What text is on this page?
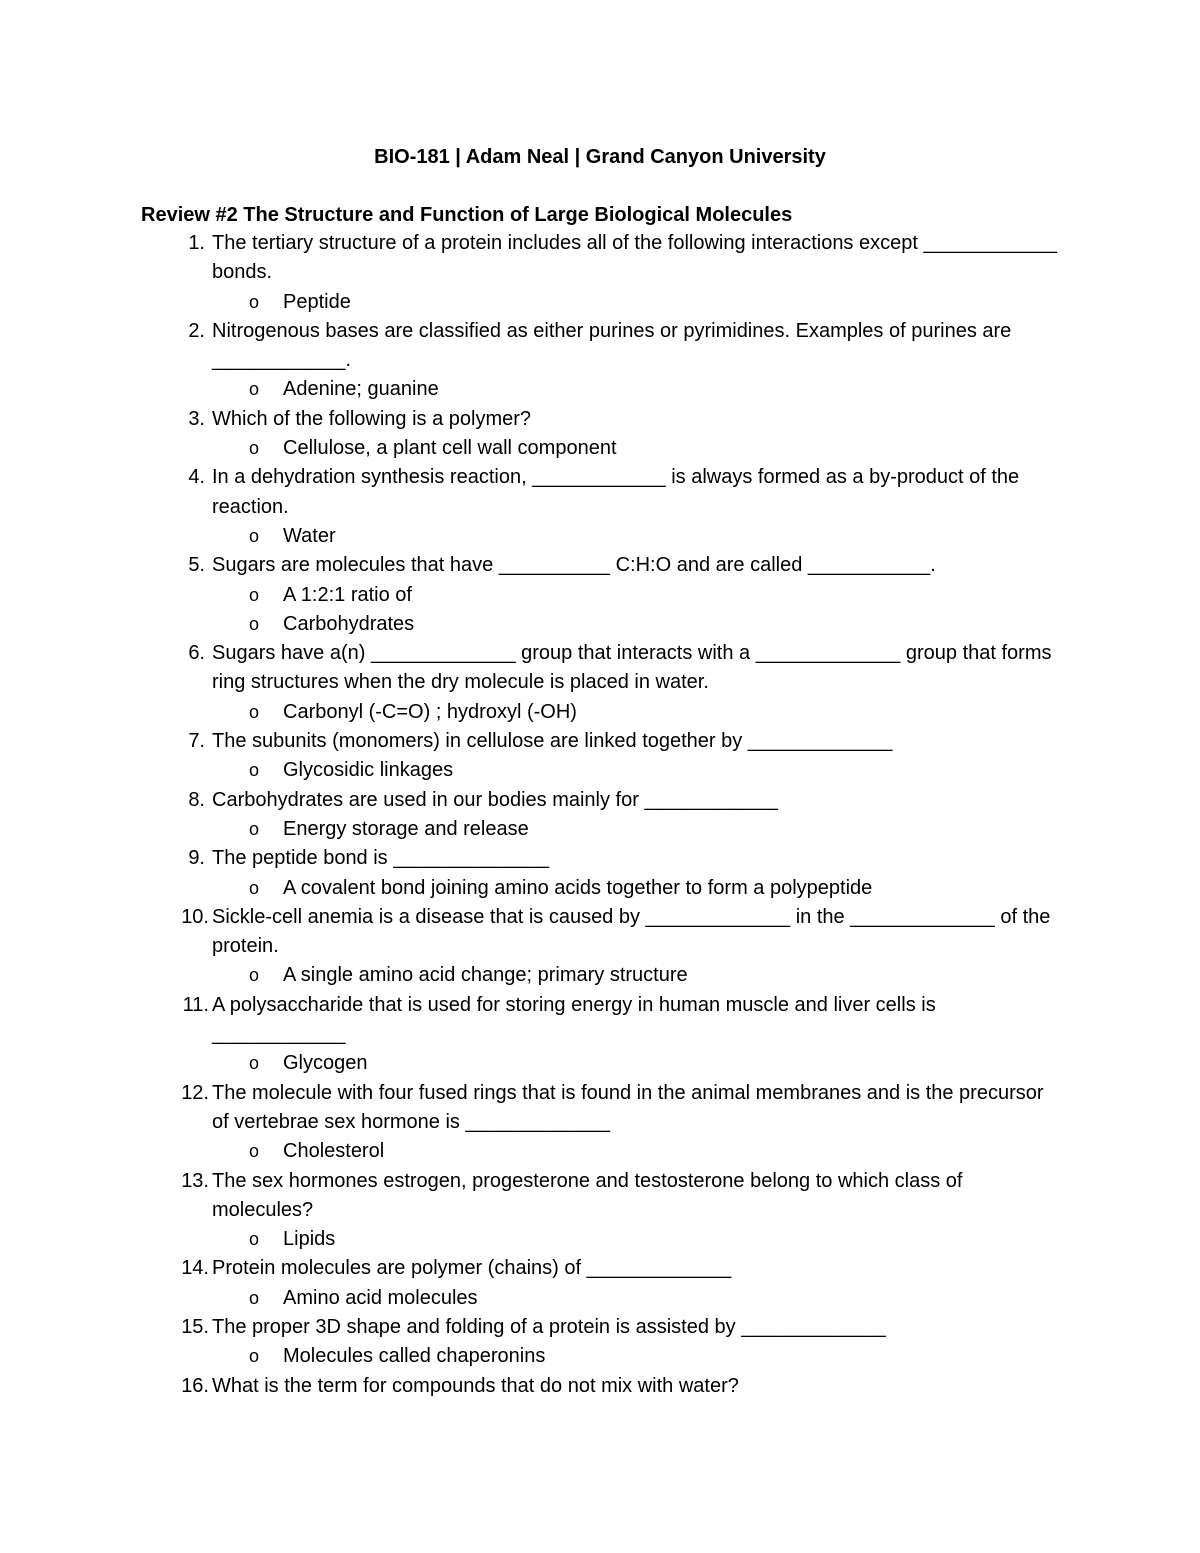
BIO-181 | Adam Neal | Grand Canyon University
Review #2 The Structure and Function of Large Biological Molecules
1. The tertiary structure of a protein includes all of the following interactions except ____________ bonds.
o Peptide
2. Nitrogenous bases are classified as either purines or pyrimidines. Examples of purines are ____________.
o Adenine; guanine
3. Which of the following is a polymer?
o Cellulose, a plant cell wall component
4. In a dehydration synthesis reaction, ____________ is always formed as a by-product of the reaction.
o Water
5. Sugars are molecules that have __________ C:H:O and are called ___________.
o A 1:2:1 ratio of
o Carbohydrates
6. Sugars have a(n) _____________ group that interacts with a _____________ group that forms ring structures when the dry molecule is placed in water.
o Carbonyl (-C=O) ; hydroxyl (-OH)
7. The subunits (monomers) in cellulose are linked together by _____________
o Glycosidic linkages
8. Carbohydrates are used in our bodies mainly for ____________
o Energy storage and release
9. The peptide bond is ______________
o A covalent bond joining amino acids together to form a polypeptide
10. Sickle-cell anemia is a disease that is caused by _____________ in the _____________ of the protein.
o A single amino acid change; primary structure
11. A polysaccharide that is used for storing energy in human muscle and liver cells is ____________
o Glycogen
12. The molecule with four fused rings that is found in the animal membranes and is the precursor of vertebrae sex hormone is _____________
o Cholesterol
13. The sex hormones estrogen, progesterone and testosterone belong to which class of molecules?
o Lipids
14. Protein molecules are polymer (chains) of _____________
o Amino acid molecules
15. The proper 3D shape and folding of a protein is assisted by _____________
o Molecules called chaperonins
16. What is the term for compounds that do not mix with water?
